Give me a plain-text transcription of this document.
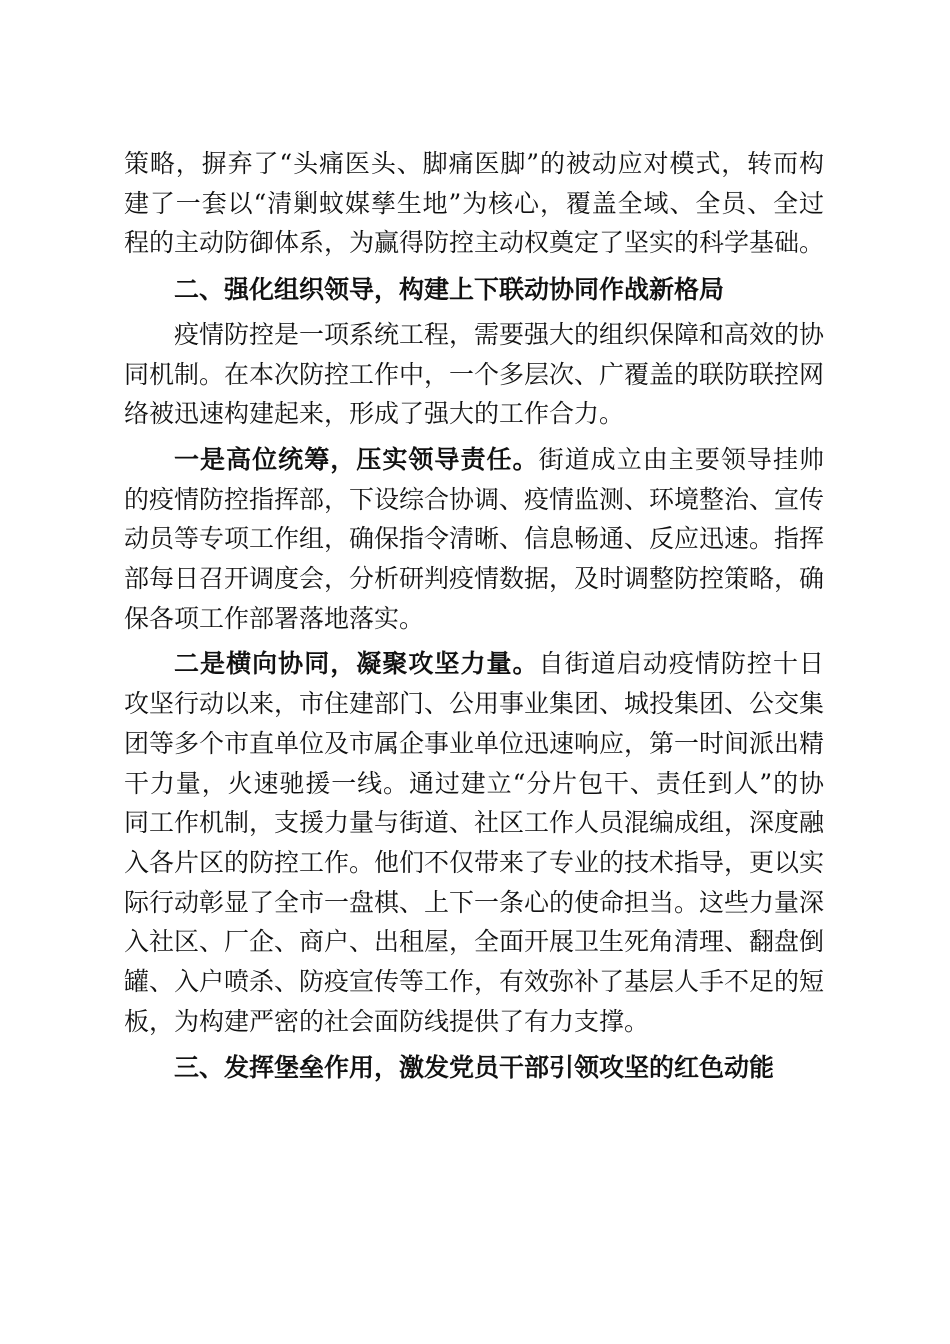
策略，摒弃了“头痛医头、脚痛医脚”的被动应对模式，转而构建了一套以“清剿蚊媒孳生地”为核心，覆盖全域、全员、全过程的主动防御体系，为赢得防控主动权奠定了坚实的科学基础。

二、强化组织领导，构建上下联动协同作战新格局

疫情防控是一项系统工程，需要强大的组织保障和高效的协同机制。在本次防控工作中，一个多层次、广覆盖的联防联控网络被迅速构建起来，形成了强大的工作合力。

一是高位统筹，压实领导责任。街道成立由主要领导挂帅的疫情防控指挥部，下设综合协调、疫情监测、环境整治、宣传动员等专项工作组，确保指令清晰、信息畅通、反应迅速。指挥部每日召开调度会，分析研判疫情数据，及时调整防控策略，确保各项工作部署落地落实。

二是横向协同，凝聚攻坚力量。自街道启动疫情防控十日攻坚行动以来，市住建部门、公用事业集团、城投集团、公交集团等多个市直单位及市属企事业单位迅速响应，第一时间派出精干力量，火速驰援一线。通过建立“分片包干、责任到人”的协同工作机制，支援力量与街道、社区工作人员混编成组，深度融入各片区的防控工作。他们不仅带来了专业的技术指导，更以实际行动彰显了全市一盘棋、上下一条心的使命担当。这些力量深入社区、厂企、商户、出租屋，全面开展卫生死角清理、翻盘倒罐、入户喷杀、防疫宣传等工作，有效弥补了基层人手不足的短板，为构建严密的社会面防线提供了有力支撑。

三、发挥堡垒作用，激发党员干部引领攻坚的红色动能
